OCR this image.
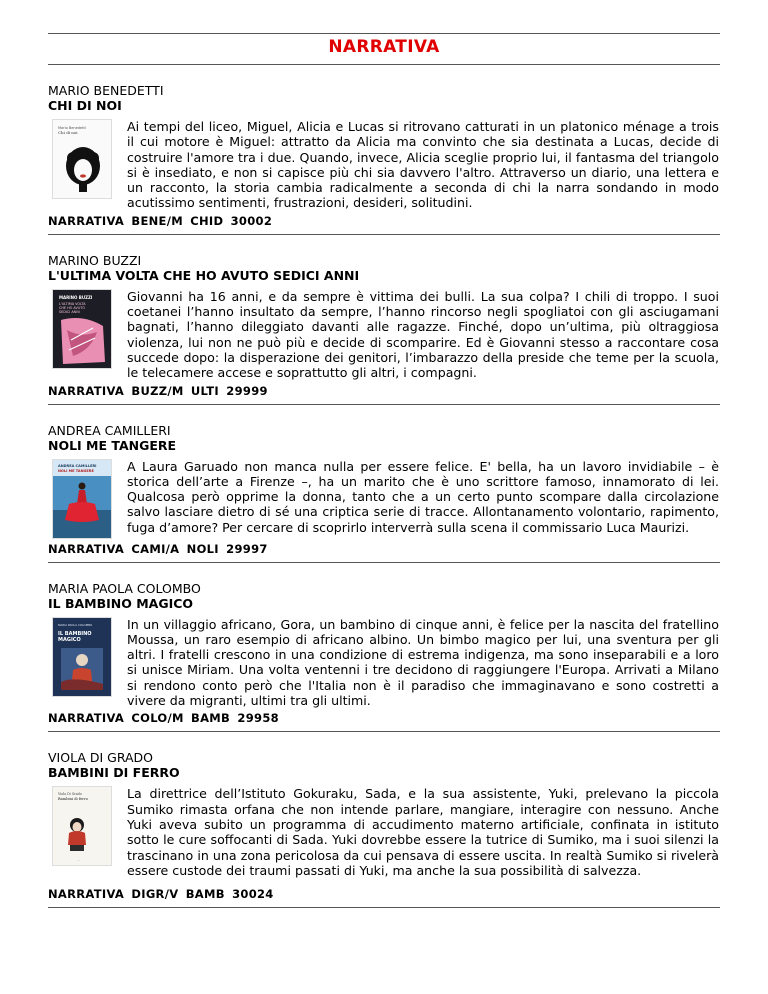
NARRATIVA
MARIO BENEDETTI
CHI DI NOI
Mario Benedetti
Chi di noi	Ai tempi del liceo, Miguel, Alicia e Lucas si ritrovano catturati in un platonico ménage a trois il cui motore è Miguel: attratto da Alicia ma convinto che sia destinata a Lucas, decide di costruire l'amore tra i due. Quando, invece, Alicia sceglie proprio lui, il fantasma del triangolo si è insediato, e non si capisce più chi sia davvero l'altro. Attraverso un diario, una lettera e un racconto, la storia cambia radicalmente a seconda di chi la narra sondando in modo acutissimo sentimenti, frustrazioni, desideri, solitudini.
NARRATIVA BENE/M CHID 30002
MARINO BUZZI
L'ULTIMA VOLTA CHE HO AVUTO SEDICI ANNI
MARINO BUZZI
L'ULTIMA VOLTA
CHE HO AVUTO
SEDICI ANNI
Giovanni ha 16 anni, e da sempre è vittima dei bulli. La sua colpa? I chili di troppo. I suoi coetanei l’hanno insultato da sempre, l’hanno rincorso negli spogliatoi con gli asciugamani bagnati, l’hanno dileggiato davanti alle ragazze. Finché, dopo un’ultima, più oltraggiosa violenza, lui non ne può più e decide di scomparire. Ed è Giovanni stesso a raccontare cosa succede dopo: la disperazione dei genitori, l’imbarazzo della preside che teme per la scuola, le telecamere accese e soprattutto gli altri, i compagni.
NARRATIVA BUZZ/M ULTI 29999
ANDREA CAMILLERI
NOLI ME TANGERE
ANDREA CAMILLERI
NOLI ME TANGERE	A Laura Garuado non manca nulla per essere felice. E' bella, ha un lavoro invidiabile – è storica dell’arte a Firenze –, ha un marito che è uno scrittore famoso, innamorato di lei. Qualcosa però opprime la donna, tanto che a un certo punto scompare dalla circolazione salvo lasciare dietro di sé una criptica serie di tracce. Allontanamento volontario, rapimento, fuga d’amore? Per cercare di scoprirlo interverrà sulla scena il commissario Luca Maurizi.
NARRATIVA CAMI/A NOLI 29997
MARIA PAOLA COLOMBO
IL BAMBINO MAGICO
MARIA PAOLA COLOMBO
IL BAMBINO
MAGICO
In un villaggio africano, Gora, un bambino di cinque anni, è felice per la nascita del fratellino Moussa, un raro esempio di africano albino. Un bimbo magico per lui, una sventura per gli altri. I fratelli crescono in una condizione di estrema indigenza, ma sono inseparabili e a loro si unisce Miriam. Una volta ventenni i tre decidono di raggiungere l'Europa. Arrivati a Milano si rendono conto però che l'Italia non è il paradiso che immaginavano e sono costretti a vivere da migranti, ultimi tra gli ultimi.
NARRATIVA COLO/M BAMB 29958
VIOLA DI GRADO
BAMBINI DI FERRO
Viola Di Grado
Bambini di ferro
...
La direttrice dell’Istituto Gokuraku, Sada, e la sua assistente, Yuki, prelevano la piccola Sumiko rimasta orfana che non intende parlare, mangiare, interagire con nessuno. Anche Yuki aveva subito un programma di accudimento materno artificiale, confinata in istituto sotto le cure soffocanti di Sada. Yuki dovrebbe essere la tutrice di Sumiko, ma i suoi silenzi la trascinano in una zona pericolosa da cui pensava di essere uscita. In realtà Sumiko si rivelerà essere custode dei traumi passati di Yuki, ma anche la sua possibilità di salvezza.
NARRATIVA DIGR/V BAMB 30024
